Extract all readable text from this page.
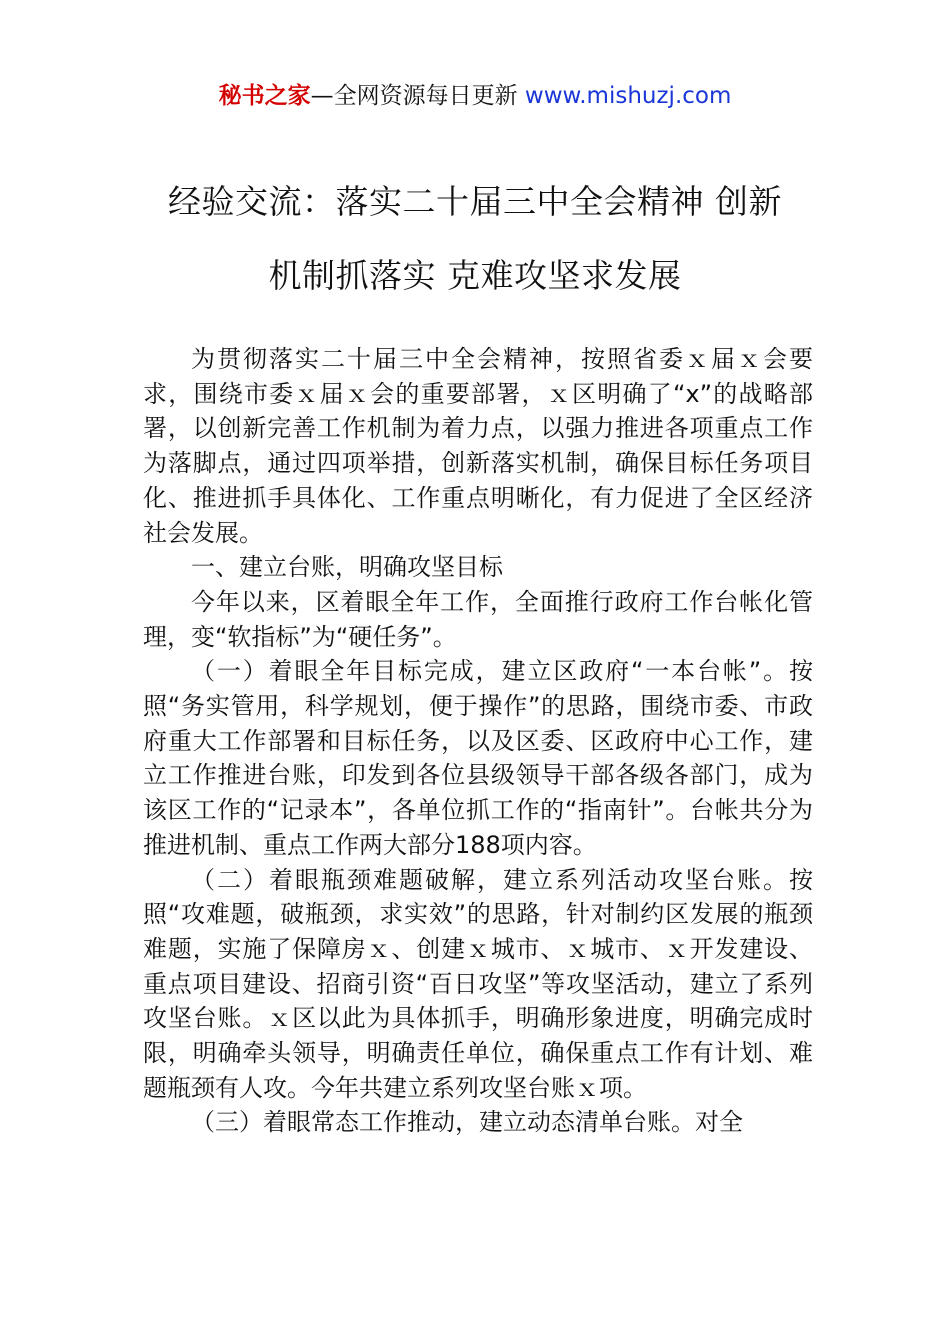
秘书之家—全网资源每日更新 www.mishuzj.com
经验交流：落实二十届三中全会精神 创新
机制抓落实 克难攻坚求发展

为贯彻落实二十届三中全会精神，按照省委ｘ届ｘ会要求，围绕市委ｘ届ｘ会的重要部署，ｘ区明确了“x”的战略部署，以创新完善工作机制为着力点，以强力推进各项重点工作为落脚点，通过四项举措，创新落实机制，确保目标任务项目化、推进抓手具体化、工作重点明晰化，有力促进了全区经济社会发展。

一、建立台账，明确攻坚目标

今年以来，区着眼全年工作，全面推行政府工作台帐化管理，变“软指标”为“硬任务”。

（一）着眼全年目标完成，建立区政府“一本台帐”。按照“务实管用，科学规划，便于操作”的思路，围绕市委、市政府重大工作部署和目标任务，以及区委、区政府中心工作，建立工作推进台账，印发到各位县级领导干部各级各部门，成为该区工作的“记录本”，各单位抓工作的“指南针”。台帐共分为推进机制、重点工作两大部分188项内容。

（二）着眼瓶颈难题破解，建立系列活动攻坚台账。按照“攻难题，破瓶颈，求实效”的思路，针对制约区发展的瓶颈难题，实施了保障房ｘ、创建ｘ城市、ｘ城市、ｘ开发建设、重点项目建设、招商引资“百日攻坚”等攻坚活动，建立了系列攻坚台账。ｘ区以此为具体抓手，明确形象进度，明确完成时限，明确牵头领导，明确责任单位，确保重点工作有计划、难题瓶颈有人攻。今年共建立系列攻坚台账ｘ项。

（三）着眼常态工作推动，建立动态清单台账。对全
